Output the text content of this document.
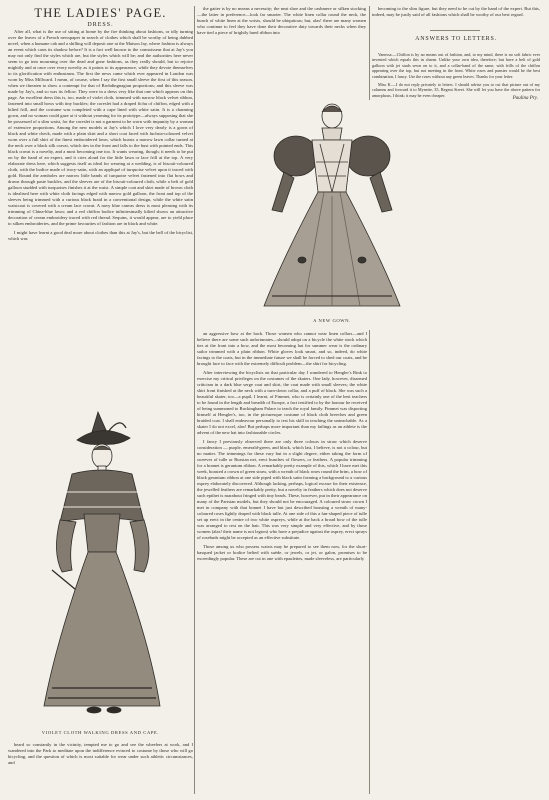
THE LADIES' PAGE.
DRESS.

After all, what is the use of sitting at home by the fire thinking about fashions, or idly turning over the leaves of a French newspaper in search of clothes which shall be worthy of being dubbed novel, when a humane cab and a shilling will deposit one at the Maison Jay, where fashion is always an event which casts its shadow before? It is a fact well known to the connoisseur that at Jay's you may not only find the styles which are, but the styles which will be; and the authorities here never seem to go into mourning over the dead and gone fashions, as they really should, but to rejoice mightily and at once over every novelty as it points to its appearance, while they devote themselves to its glorification with enthusiasm. The first the news came which ever appeared in London was worn by Miss Millward. I mean, of course, when I say the first small sleeve the first of this season, when we threaten to show a contempt for that of Brobdingnagian proportions; and this sleeve was made by Jay's, and so was its fellow. They were in a dress very like that one which appears on this page. An excellent dress this is, too, made of violet cloth, trimmed with narrow black velvet ribbon, fastened into small bows with tiny buckles; the coreslet had a draped fichu of chiffon, edged with a kilted frill, and the costume was completed with a cape lined with white satin. It is a charming gown, and no woman could gaze at it without yearning for its prototype—always supposing that she be possessed of a slim waist, for the coreslet is not a garment to be worn with impunity by a woman of extensive proportions. Among the new models at Jay's which I love very dearly is a gown of black and white check, made with a plain skirt and a short coat faced with fuchsia-coloured velvet worn over a full shirt of the finest embroidered lawn, which boasts a narrow lawn collar turned at the neck over a black silk cravat, which ties in the front and falls to the bust with pointed ends. This black cravat is a novelty, and a most becoming one too. It wants wearing, though; it needs to be put on by the hand of an expert, and it cries aloud for the little lawn or lace frill at the top. A very elaborate dress here, which suggests itself as ideal for wearing at a wedding, is of biscuit-coloured cloth, with the bodice made of ivory-satin, with an appliqué of turquoise velvet upon it traced with gold. Round the armholes are narrow little bands of turquoise velvet fastened into flat bows and drawn through paste buckles, and the sleeves are of the biscuit-coloured cloth, while a belt of gold galloon studded with turquoises finishes it at the waist. A simple coat and skirt made of brown cloth is idealised here with white cloth facings edged with narrow gold galloon, the front and top of the sleeves being trimmed with a curious black braid in a conventional design, while the white satin waistcoat is covered with a cream lace cravat. A navy blue canvas dress is most pleasing with its trimming of China-blue lawn; and a red chiffon bodice infinitesimally kilted shows an attractive decoration of cream embroidery traced with red thread. Sequins, it would appear, are to yield place to silken embroideries, and the prime favourites of fashion are in black and white.

I might have learnt a good deal more about clothes than this at Jay's, but the bell of the bicyclist, which was

VIOLET CLOTH WALKING DRESS AND CAPE.

heard so constantly in the vicinity, tempted me to go and see the wheelers at work, and I wandered into the Park to meditate upon the indifference evinced to costume by those who will go bicycling, and the question of which is most suitable for wear under such athletic circumstances, and

the gaiter is by no means a necessity; the neat shoe and the cashmere or silken stocking—the latter in preference—look far smarter. The white linen collar round the neck, the bunch of white linen at the wrists, should be ubiquitous; but, alas! there are many women who continue to feel they have done their decorative duty towards their necks when they have tied a piece of brightly hued ribbon into

A NEW GOWN.

an aggressive bow at the back. Those women who cannot wear linen collars—and I believe there are some such unfortunates—should adopt on a bicycle the white stock which ties at the front into a bow, and the most becoming hat for summer wear is the ordinary sailor trimmed with a plain ribbon. White gloves look smart, and so, indeed, do white facings to the coats, but in the immediate future we shall be forced to shed our coats, and be brought face to face with the extremely difficult problem—the shirt for bicycling.

After interviewing the bicyclists on that particular day I wandered to Hengler's Rink to exercise my critical privileges on the costumes of the skaters. One lady, however, disarmed criticism in a dark blue serge coat and skirt, the coat made with small sleeves; the white shirt front finished at the neck with a turn-down collar, and a puff of black. She was such a beautiful skater, too—a pupil, I learnt, of Fimmet, who is certainly one of the best teachers to be found in the length and breadth of Europe, a fact testified to by the honour he received of being summoned to Buckingham Palace to teach the royal family. Fimmet was disporting himself at Hengler's, too, in the picturesque costume of black cloth breeches and green braided coat. I shall endeavour personally to test his skill in teaching the unteachable. As a skater I do not excel, alas! But perhaps more important than my failings as an athlete is the advent of the new hat into fashionable circles.

I fancy I previously observed there are only three colours in straw which deserve consideration — purple, emerald-green, and black, which last, I believe, is not a colour, but no matter. The trimmings for these vary but in a slight degree, either taking the form of sweeves of tulle or Russian net, erect bunches of flowers, or feathers. A popular trimming for a bonnet is geranium ribbon. A remarkably pretty example of this, which I have met this week, boasted a crown of green straw, with a wreath of black roses round the brim, a bow of black geranium ribbon at one side piped with black satin forming a background to a curious osprey elaborately discovered. Although lacking, perhaps, logical excuse for their existence, the jewelled feathers are remarkably pretty, but a novelty in feathers which does not deserve such epithet is marabout fringed with tiny beads. These, however, put in their appearance on many of the Parisian models, but they should not be encouraged. A coloured straw crown I met in company with that bonnet I have but just described boasting a wreath of many-coloured roses lightly draped with black tulle. At one side of this a fan-shaped piece of tulle set up erect in the centre of two white ospreys, while at the back a broad bow of the tulle was arranged to rest on the hair. This was very simple and very effective, and by those women (alas! their name is not legion) who have a prejudice against the osprey, erect sprays of rosebuds might be accepted as an effective substitute.

Those among us who possess waists may be prepared to see them now, for the short-basqued jacket or bodice belted with suède, or jewels, or jet, or galon, promises to be exceedingly popular. These are cut in one with epaulettes, made sleeveless, are particularly

becoming to the slim figure, but they need to be cut by the hand of the expert. But this, indeed, may be justly said of all fashions which shall be worthy of our best regard.

ANSWERS TO LETTERS.

Vanessa.—Chiffon is by no means out of fashion, and, to my mind, there is no soft fabric ever invented which equals this in charm. Unlike your own idea, therefore; but have a belt of gold galloon with jet studs sewn on to it, and a collar-band of the same, with frills of the chiffon appearing over the top, but not meeting in the front. White roses and pansies would be the best combination, I fancy. Use the roses without any green leaves. Thanks for your letter.

Miss K.—I do not reply privately to letters. I should advise you to cut that picture out of my columns and forward it to Mynette, 35, Regent Street. She will let you have the above pattern for amorphous, I think; it may be even cheaper.

Paulina Pry.
